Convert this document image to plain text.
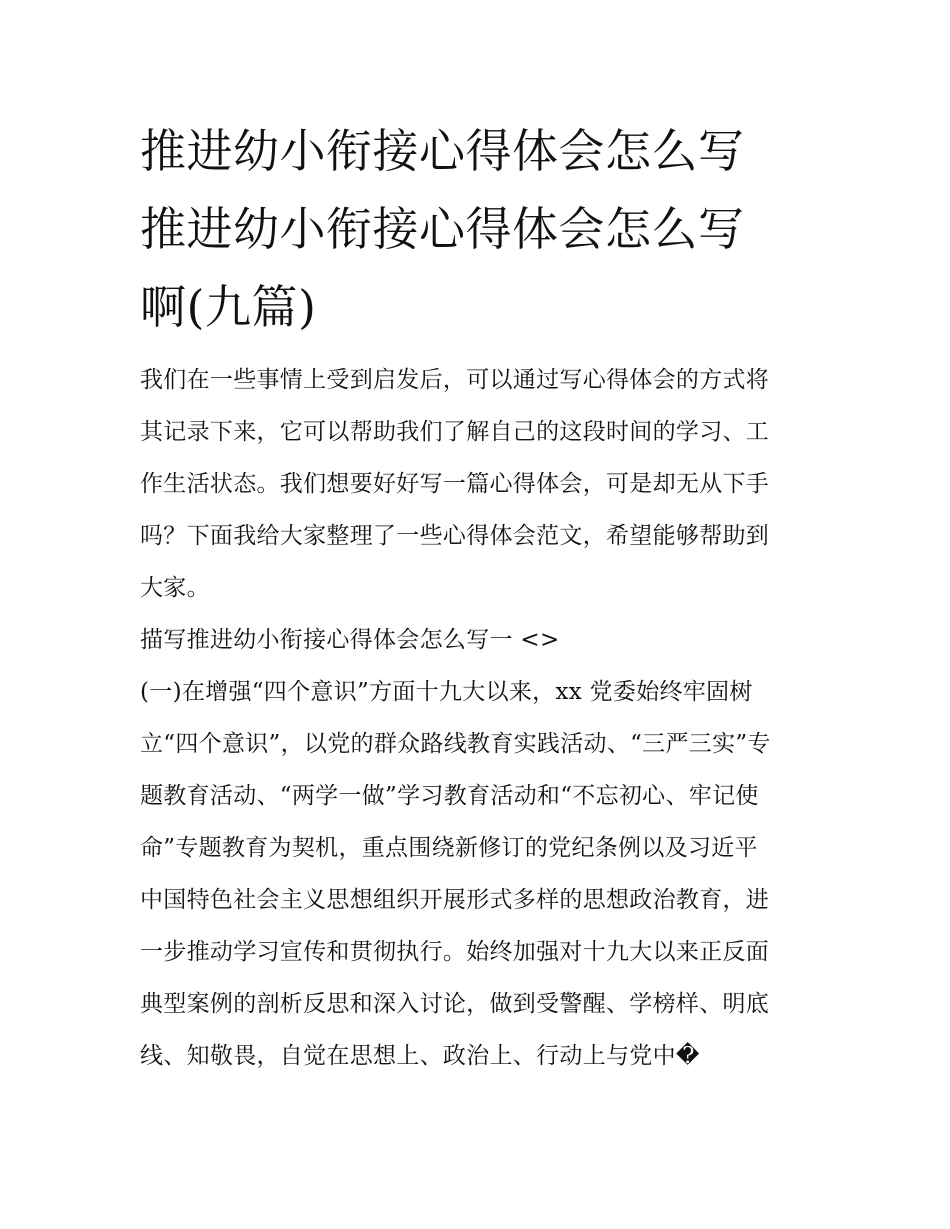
推进幼小衔接心得体会怎么写
推进幼小衔接心得体会怎么写
啊(九篇)

我们在一些事情上受到启发后，可以通过写心得体会的方式将
其记录下来，它可以帮助我们了解自己的这段时间的学习、工
作生活状态。我们想要好好写一篇心得体会，可是却无从下手
吗？下面我给大家整理了一些心得体会范文，希望能够帮助到
大家。

描写推进幼小衔接心得体会怎么写一 <>

(一)在增强“四个意识”方面十九大以来，xx 党委始终牢固树
立“四个意识”，以党的群众路线教育实践活动、“三严三实”专
题教育活动、“两学一做”学习教育活动和“不忘初心、牢记使
命”专题教育为契机，重点围绕新修订的党纪条例以及习近平
中国特色社会主义思想组织开展形式多样的思想政治教育，进
一步推动学习宣传和贯彻执行。始终加强对十九大以来正反面
典型案例的剖析反思和深入讨论，做到受警醒、学榜样、明底
线、知敬畏，自觉在思想上、政治上、行动上与党中�
